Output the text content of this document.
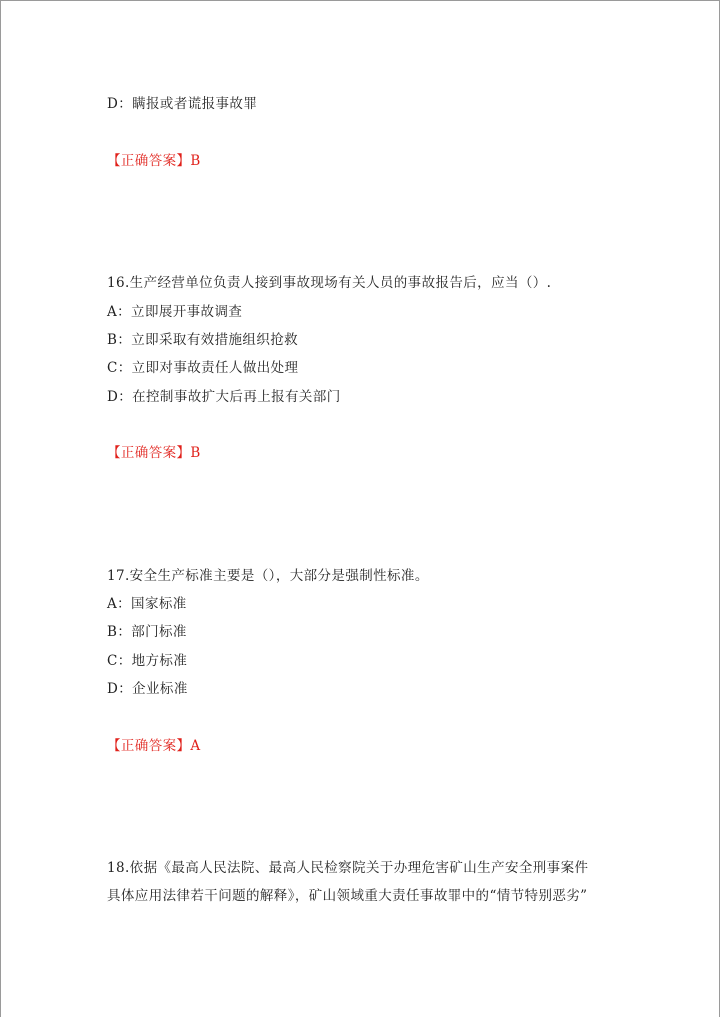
D：瞒报或者谎报事故罪
【正确答案】B
16.生产经营单位负责人接到事故现场有关人员的事故报告后，应当（）.
A：立即展开事故调查
B：立即采取有效措施组织抢救
C：立即对事故责任人做出处理
D：在控制事故扩大后再上报有关部门
【正确答案】B
17.安全生产标准主要是（），大部分是强制性标准。
A：国家标准
B：部门标准
C：地方标准
D：企业标准
【正确答案】A
18.依据《最高人民法院、最高人民检察院关于办理危害矿山生产安全刑事案件
具体应用法律若干问题的解释》，矿山领域重大责任事故罪中的“情节特别恶劣”
